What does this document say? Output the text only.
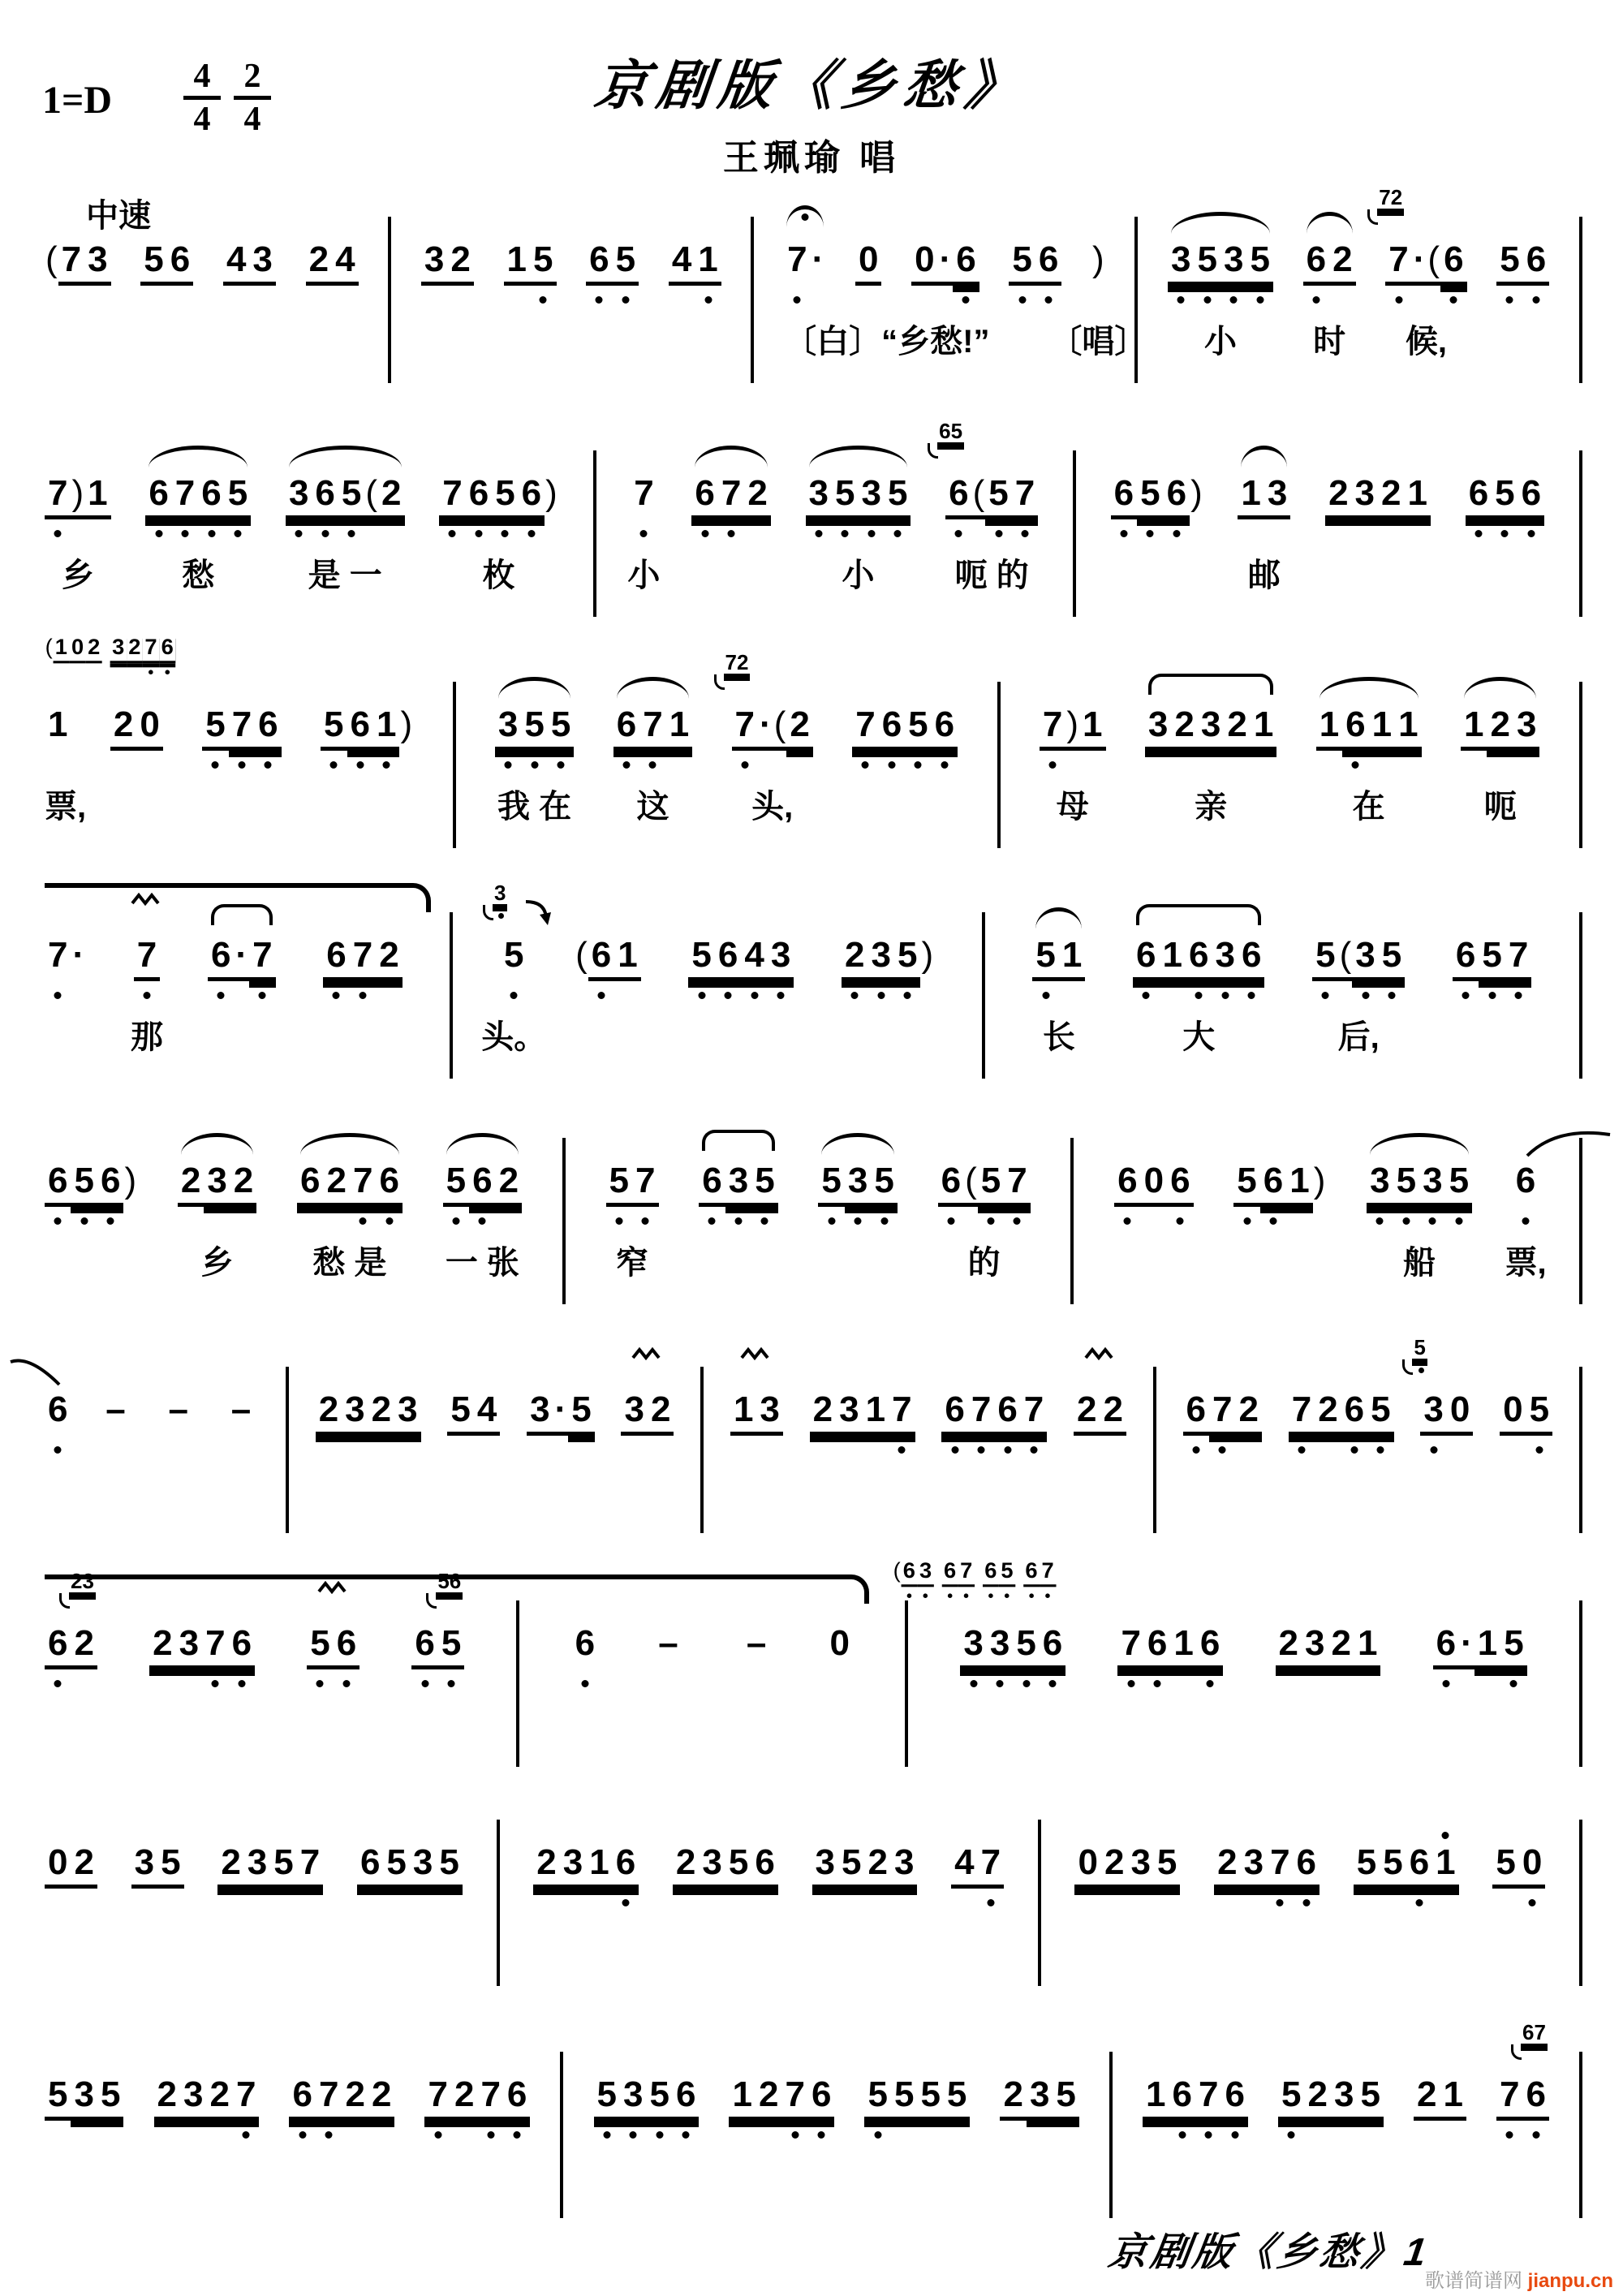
1=D
4
4
2
4
京剧版《乡愁》
王珮瑜 唱
中速
( 7 3 5 6 4 3 2 4 3 2 1 5 6 5 4 1 7 ·
〔白〕“乡愁!”
0 0 · 6 5 6 )
〔唱〕
3 5 3 5
小
6 2
时
72
7 · ( 6
候,
5 6
7 ) 1
乡
6 7 6 5
愁
3 6 5 ( 2
是 一
7 6 5 6 )
枚
7
小
6 7 2 3 5 3 5
小
65
6 ( 5 7
呃 的
6 5 6 ) 1 3
邮
2 3 2 1 6 5 6
( 1 0 2 3 2 7 6
1
票,
2 0 5 7 6 5 6 1 ) 3 5 5
我 在
6 7 1
这
72
7 · ( 2
头,
7 6 5 6 7 ) 1
母
3 2 3 2 1
亲
1 6 1 1
在
1 2 3
呃
7 · 7
那
6 · 7 6 7 2
3
5
头。
( 6 1 5 6 4 3 2 3 5 )	5 1
长
6 1 6 3 6
大
5 ( 3 5
后,
6 5 7
6 5 6 ) 2 3 2
乡
6 2 7 6
愁 是
5 6 2
一 张
5 7
窄
6 3 5 5 3 5 6 ( 5 7
的
6 0 6 5 6 1 ) 3 5 3 5
船
6
票,
6 – – – 2 3 2 3 5 4 3 · 5 3 2 1 3 2 3 1 7 6 7 6 7 2 2 6 7 2 7 2 6 5
5
3 0 0 5
( 6 3 6 7 6 5 6 7
23
6 2 2 3 7 6 5 6
56
6 5	6 – – 0	3 3 5 6 7 6 1 6 2 3 2 1 6 · 1 5
0 2 3 5 2 3 5 7 6 5 3 5 2 3 1 6 2 3 5 6 3 5 2 3 4 7 0 2 3 5 2 3 7 6 5 5 6 1 5 0
5 3 5 2 3 2 7 6 7 2 2 7 2 7 6 5 3 5 6 1 2 7 6 5 5 5 5 2 3 5 1 6 7 6 5 2 3 5 2 1
67
7 6
京剧版《乡愁》1
歌谱简谱网 jianpu.cn
